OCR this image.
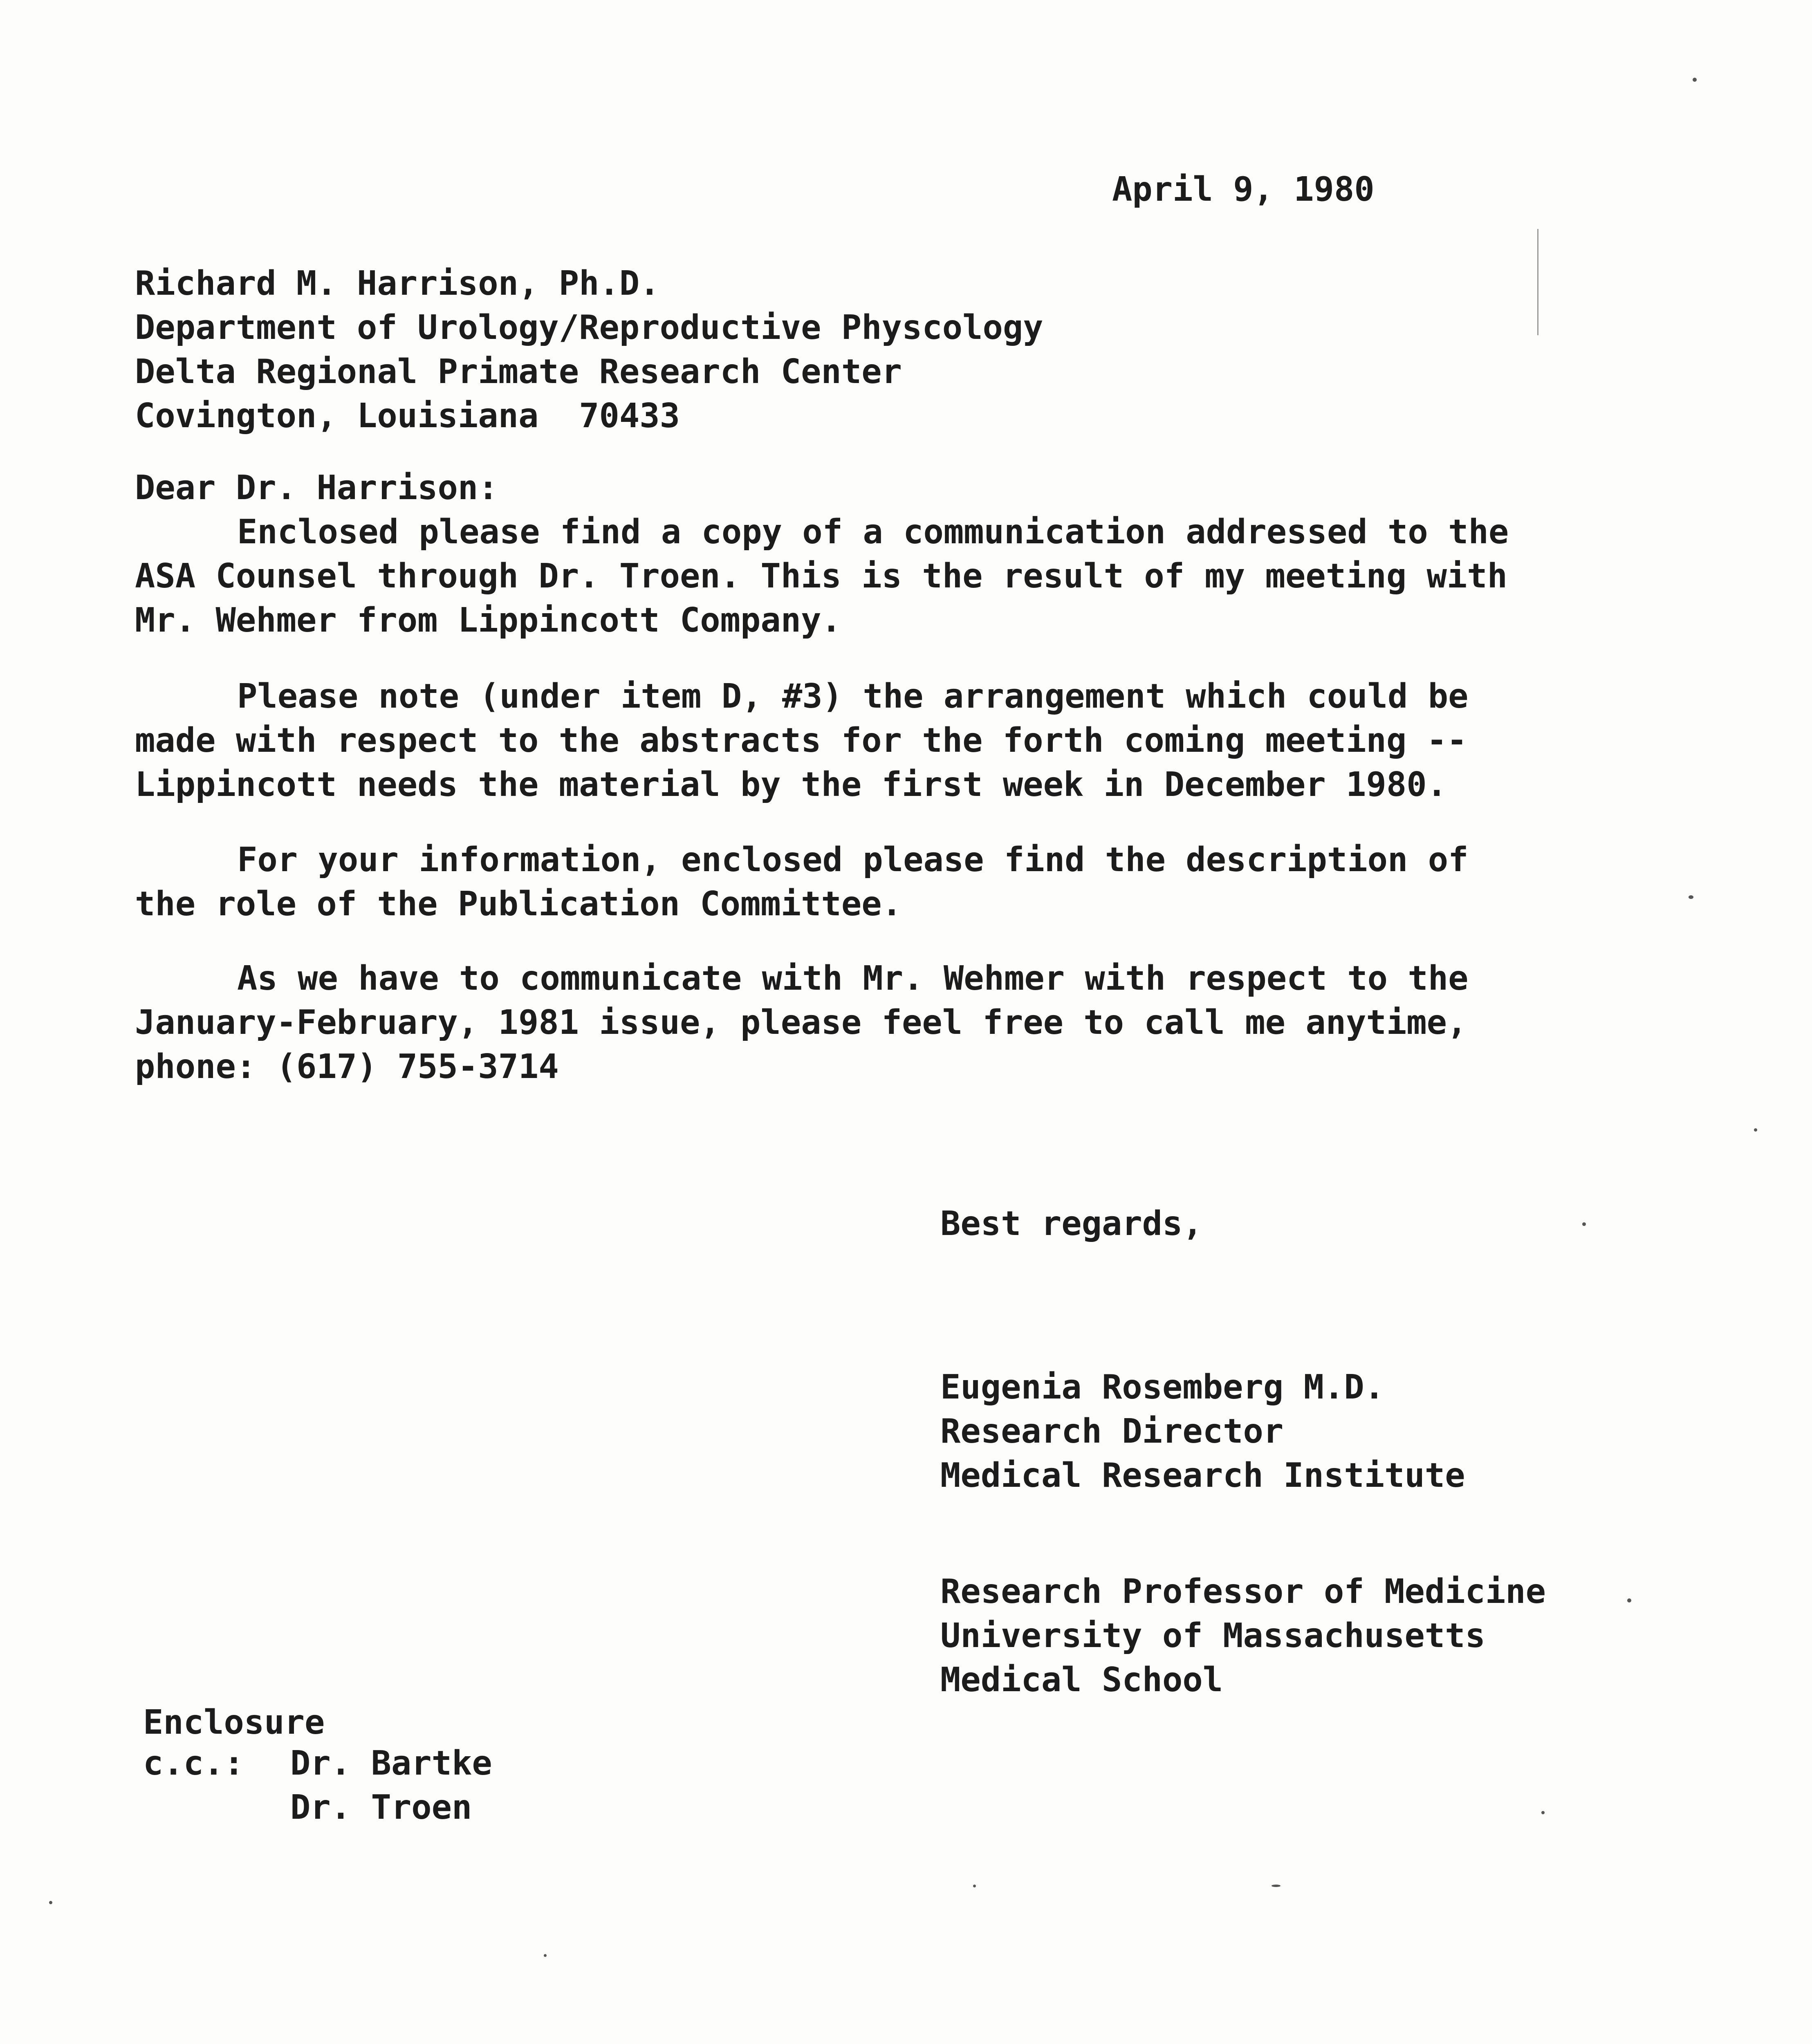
April 9, 1980
Richard M. Harrison, Ph.D.
Department of Urology/Reproductive Physcology
Delta Regional Primate Research Center
Covington, Louisiana  70433
Dear Dr. Harrison:
Enclosed please find a copy of a communication addressed to the ASA Counsel through Dr. Troen. This is the result of my meeting with Mr. Wehmer from Lippincott Company.
Please note (under item D, #3) the arrangement which could be made with respect to the abstracts for the forth coming meeting -- Lippincott needs the material by the first week in December 1980.
For your information, enclosed please find the description of the role of the Publication Committee.
As we have to communicate with Mr. Wehmer with respect to the January-February, 1981 issue, please feel free to call me anytime, phone: (617) 755-3714
Best regards,
Eugenia Rosemberg M.D.
Research Director
Medical Research Institute
Research Professor of Medicine
University of Massachusetts
Medical School
Enclosure
c.c.: Dr. Bartke
Dr. Troen
